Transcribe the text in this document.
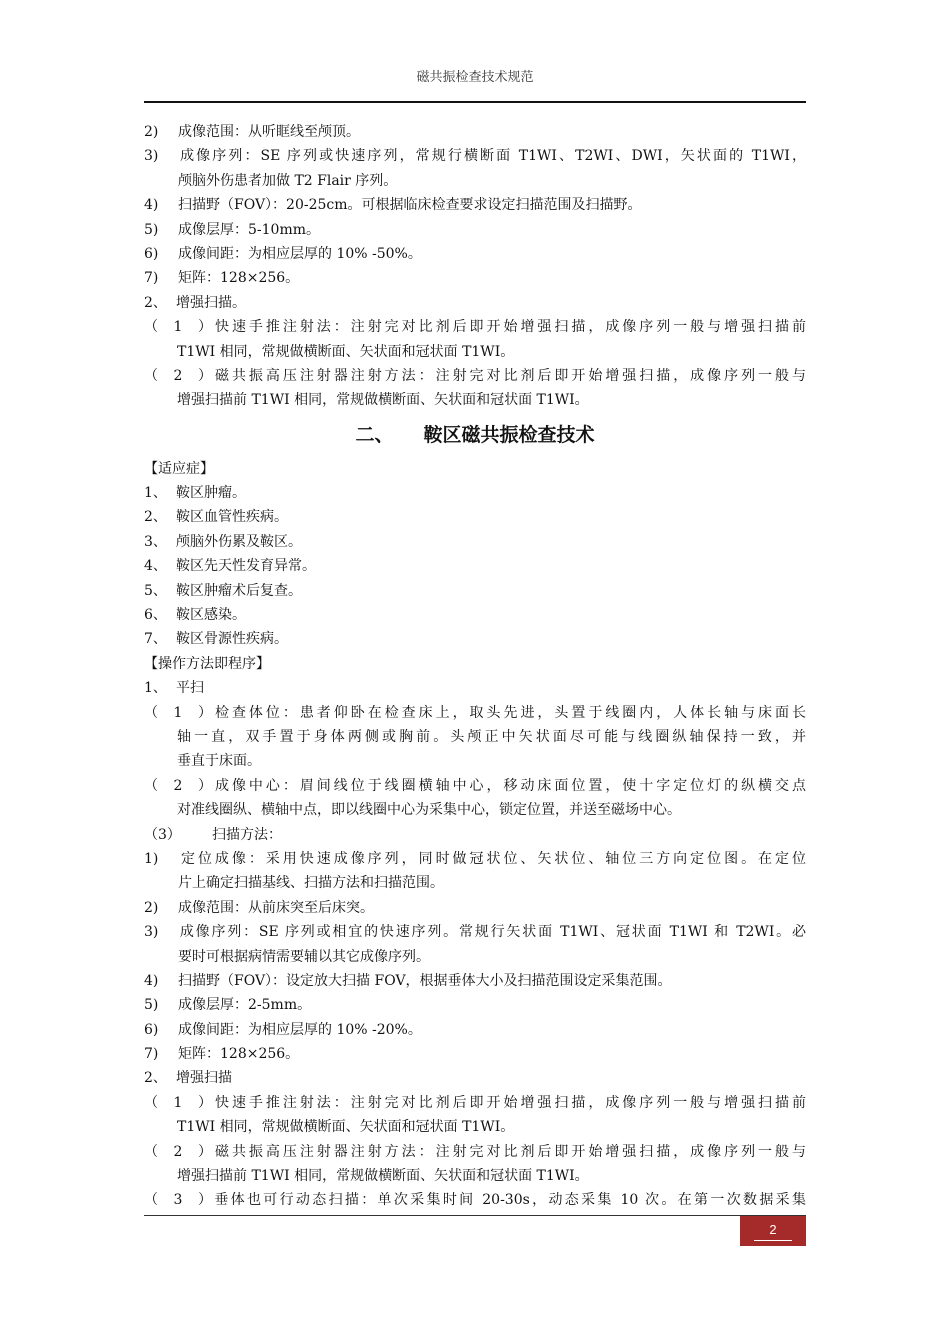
磁共振检查技术规范
2) 成像范围：从听眶线至颅顶。
3) 成像序列：SE 序列或快速序列，常规行横断面 T1WI、T2WI、DWI，矢状面的 T1WI，
颅脑外伤患者加做 T2 Flair 序列。
4) 扫描野（FOV）：20-25cm。可根据临床检查要求设定扫描范围及扫描野。
5) 成像层厚：5-10mm。
6) 成像间距：为相应层厚的 10% -50%。
7) 矩阵：128×256。
2、 增强扫描。
（1）快速手推注射法：注射完对比剂后即开始增强扫描，成像序列一般与增强扫描前
T1WI 相同，常规做横断面、矢状面和冠状面 T1WI。
（2）磁共振高压注射器注射方法：注射完对比剂后即开始增强扫描，成像序列一般与
增强扫描前 T1WI 相同，常规做横断面、矢状面和冠状面 T1WI。
二、 鞍区磁共振检查技术
【适应症】
1、 鞍区肿瘤。
2、 鞍区血管性疾病。
3、 颅脑外伤累及鞍区。
4、 鞍区先天性发育异常。
5、 鞍区肿瘤术后复查。
6、 鞍区感染。
7、 鞍区骨源性疾病。
【操作方法即程序】
1、 平扫
（1）检查体位：患者仰卧在检查床上，取头先进，头置于线圈内，人体长轴与床面长
轴一直，双手置于身体两侧或胸前。头颅正中矢状面尽可能与线圈纵轴保持一致，并
垂直于床面。
（2）成像中心：眉间线位于线圈横轴中心，移动床面位置，使十字定位灯的纵横交点
对准线圈纵、横轴中点，即以线圈中心为采集中心，锁定位置，并送至磁场中心。
（3） 扫描方法：
1) 定位成像：采用快速成像序列，同时做冠状位、矢状位、轴位三方向定位图。在定位
片上确定扫描基线、扫描方法和扫描范围。
2) 成像范围：从前床突至后床突。
3) 成像序列：SE 序列或相宜的快速序列。常规行矢状面 T1WI、冠状面 T1WI 和 T2WI。必
要时可根据病情需要辅以其它成像序列。
4) 扫描野（FOV）：设定放大扫描 FOV，根据垂体大小及扫描范围设定采集范围。
5) 成像层厚：2-5mm。
6) 成像间距：为相应层厚的 10% -20%。
7) 矩阵：128×256。
2、 增强扫描
（1）快速手推注射法：注射完对比剂后即开始增强扫描，成像序列一般与增强扫描前
T1WI 相同，常规做横断面、矢状面和冠状面 T1WI。
（2）磁共振高压注射器注射方法：注射完对比剂后即开始增强扫描，成像序列一般与
增强扫描前 T1WI 相同，常规做横断面、矢状面和冠状面 T1WI。
（3）垂体也可行动态扫描：单次采集时间 20-30s，动态采集 10 次。在第一次数据采集
2
